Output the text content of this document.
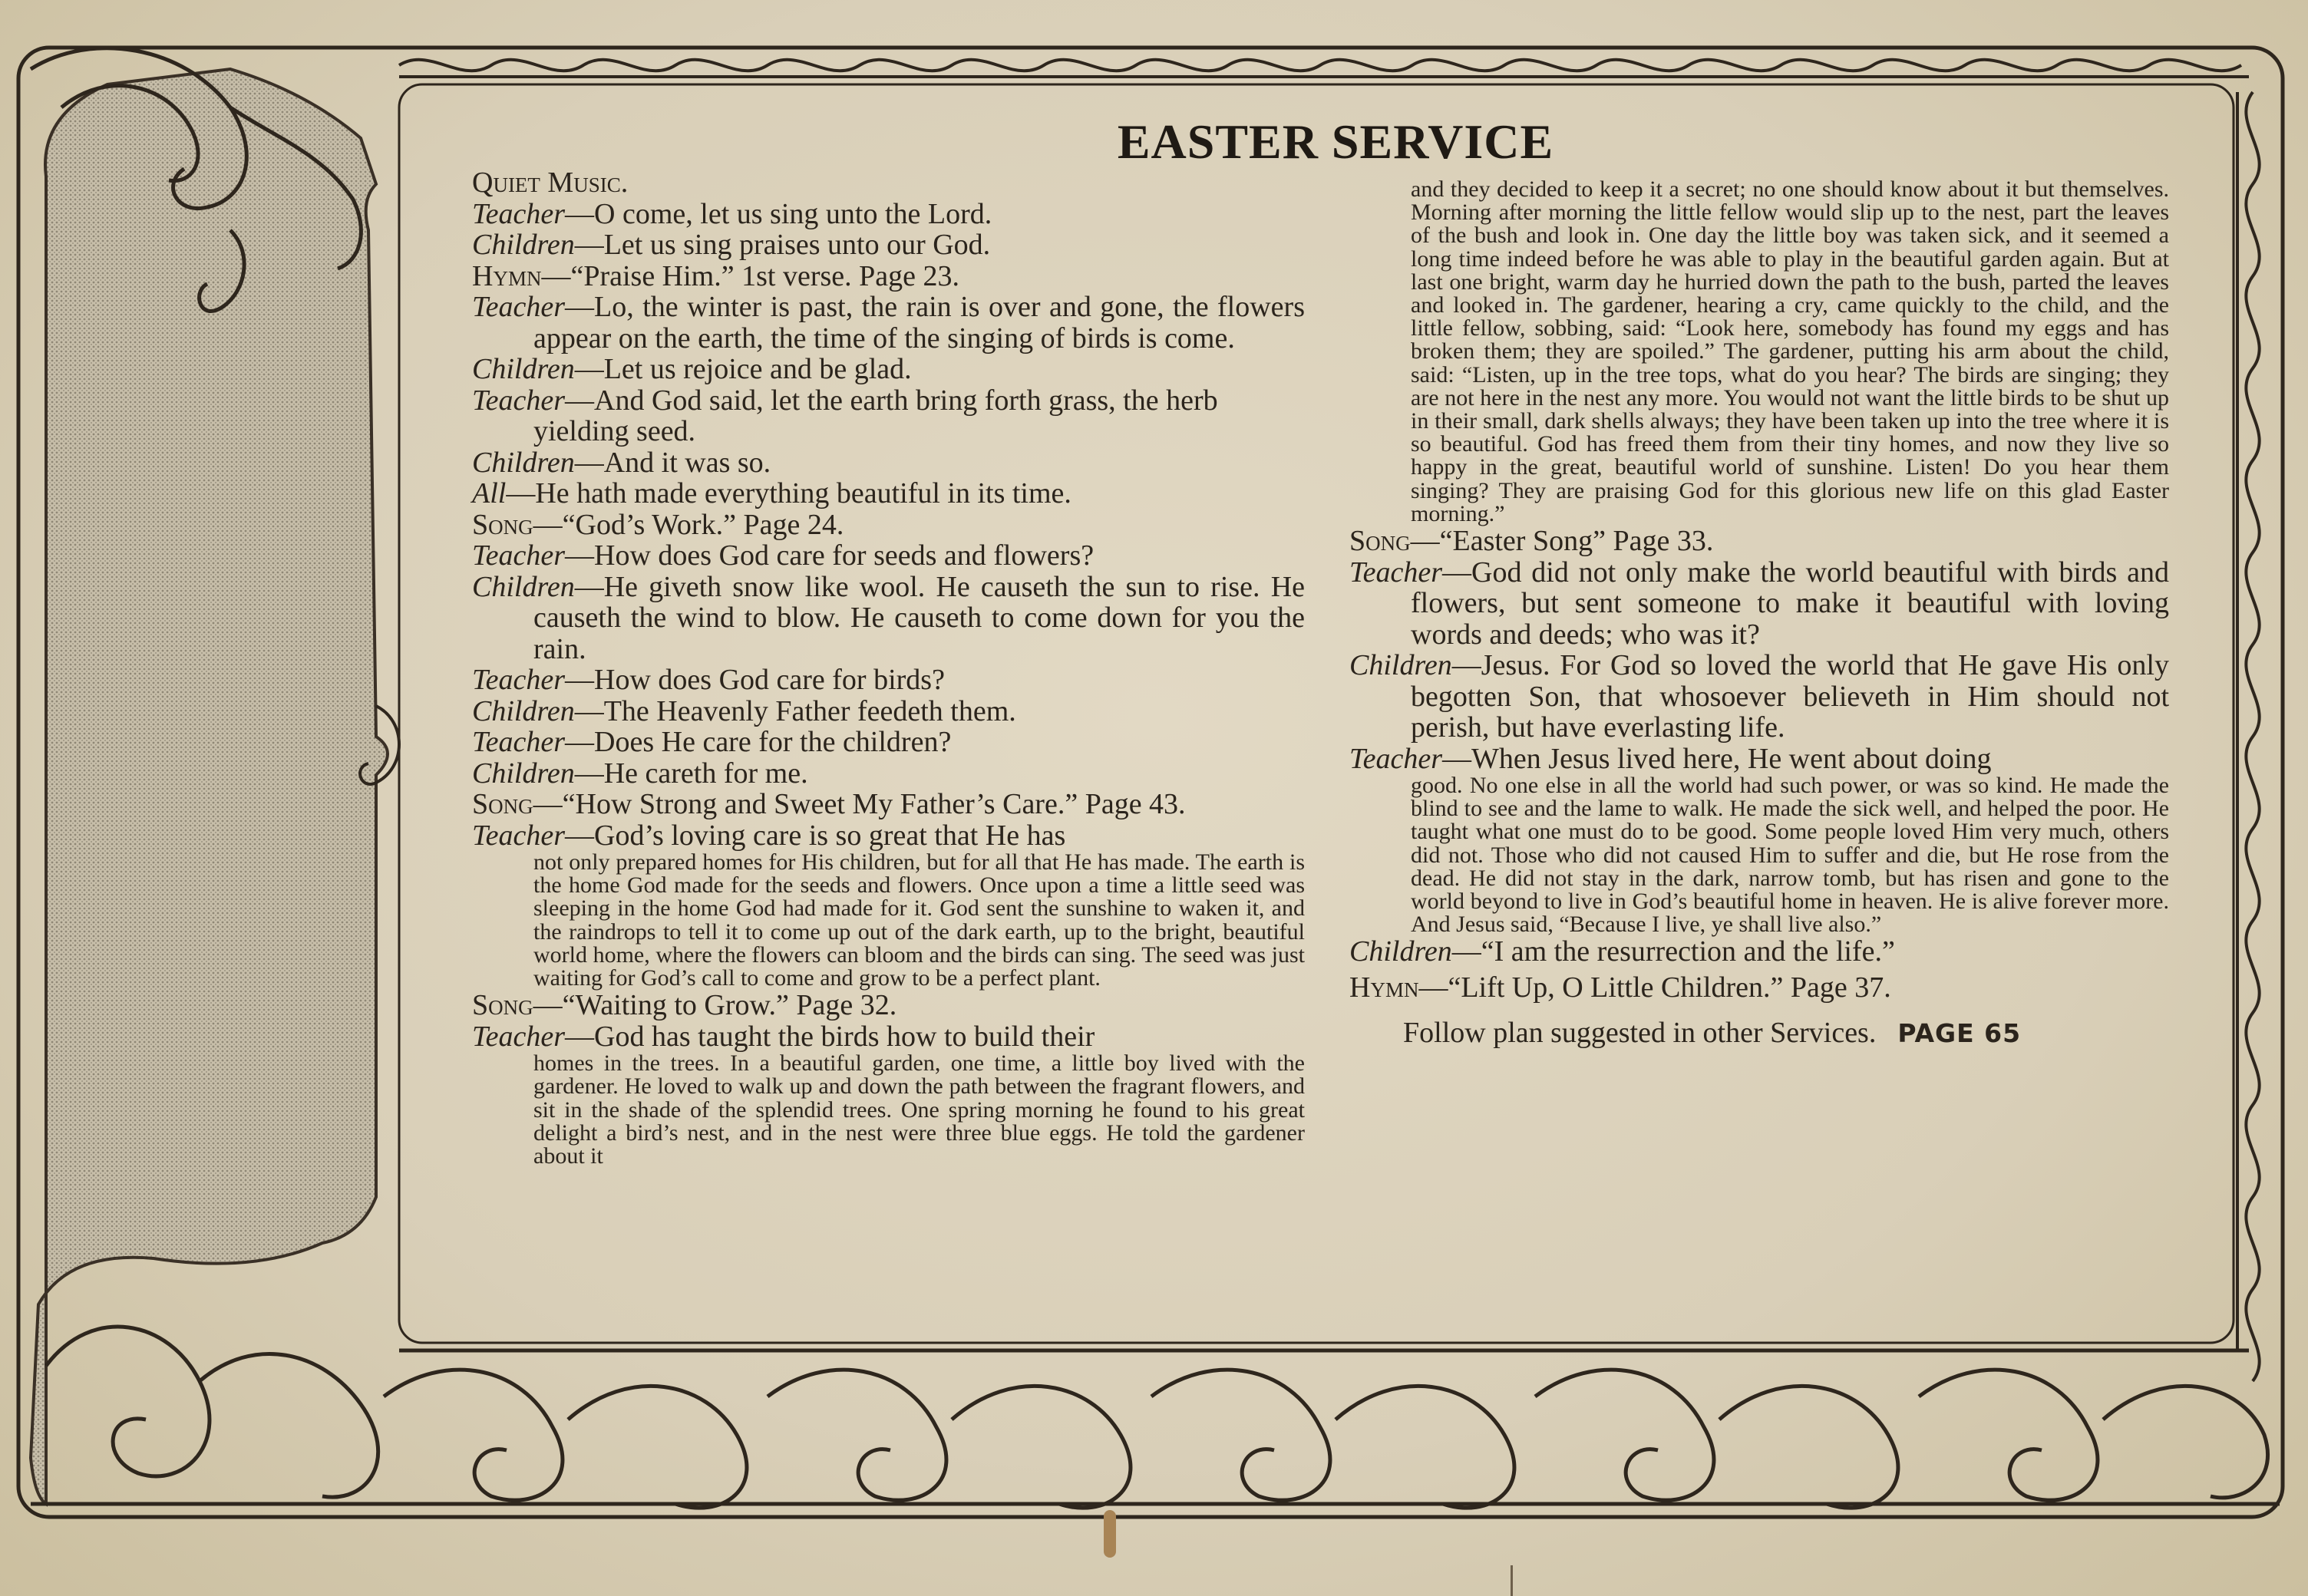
EASTER SERVICE

Quiet Music.

Teacher—O come, let us sing unto the Lord.

Children—Let us sing praises unto our God.

Hymn—“Praise Him.” 1st verse. Page 23.

Teacher—Lo, the winter is past, the rain is over and gone, the flowers appear on the earth, the time of the singing of birds is come.

Children—Let us rejoice and be glad.

Teacher—And God said, let the earth bring forth grass, the herb yielding seed.

Children—And it was so.

All—He hath made everything beautiful in its time.

Song—“God’s Work.” Page 24.

Teacher—How does God care for seeds and flowers?

Children—He giveth snow like wool. He causeth the sun to rise. He causeth the wind to blow. He causeth to come down for you the rain.

Teacher—How does God care for birds?

Children—The Heavenly Father feedeth them.

Teacher—Does He care for the children?

Children—He careth for me.

Song—“How Strong and Sweet My Father’s Care.” Page 43.

Teacher—God’s loving care is so great that He has

not only prepared homes for His children, but for all that He has made. The earth is the home God made for the seeds and flowers. Once upon a time a little seed was sleeping in the home God had made for it. God sent the sunshine to waken it, and the raindrops to tell it to come up out of the dark earth, up to the bright, beautiful world home, where the flowers can bloom and the birds can sing. The seed was just waiting for God’s call to come and grow to be a perfect plant.

Song—“Waiting to Grow.” Page 32.

Teacher—God has taught the birds how to build their

homes in the trees. In a beautiful garden, one time, a little boy lived with the gardener. He loved to walk up and down the path between the fragrant flowers, and sit in the shade of the splendid trees. One spring morning he found to his great delight a bird’s nest, and in the nest were three blue eggs. He told the gardener about it

and they decided to keep it a secret; no one should know about it but themselves. Morning after morning the little fellow would slip up to the nest, part the leaves of the bush and look in. One day the little boy was taken sick, and it seemed a long time indeed before he was able to play in the beautiful garden again. But at last one bright, warm day he hurried down the path to the bush, parted the leaves and looked in. The gardener, hearing a cry, came quickly to the child, and the little fellow, sobbing, said: “Look here, somebody has found my eggs and has broken them; they are spoiled.” The gardener, putting his arm about the child, said: “Listen, up in the tree tops, what do you hear? The birds are singing; they are not here in the nest any more. You would not want the little birds to be shut up in their small, dark shells always; they have been taken up into the tree where it is so beautiful. God has freed them from their tiny homes, and now they live so happy in the great, beautiful world of sunshine. Listen! Do you hear them singing? They are praising God for this glorious new life on this glad Easter morning.”

Song—“Easter Song” Page 33.

Teacher—God did not only make the world beautiful with birds and flowers, but sent someone to make it beautiful with loving words and deeds; who was it?

Children—Jesus. For God so loved the world that He gave His only begotten Son, that whosoever believeth in Him should not perish, but have everlasting life.

Teacher—When Jesus lived here, He went about doing

good. No one else in all the world had such power, or was so kind. He made the blind to see and the lame to walk. He made the sick well, and helped the poor. He taught what one must do to be good. Some people loved Him very much, others did not. Those who did not caused Him to suffer and die, but He rose from the dead. He did not stay in the dark, narrow tomb, but has risen and gone to the world beyond to live in God’s beautiful home in heaven. He is alive forever more. And Jesus said, “Because I live, ye shall live also.”

Children—“I am the resurrection and the life.”

Hymn—“Lift Up, O Little Children.” Page 37.

Follow plan suggested in other Services. PAGE 65
